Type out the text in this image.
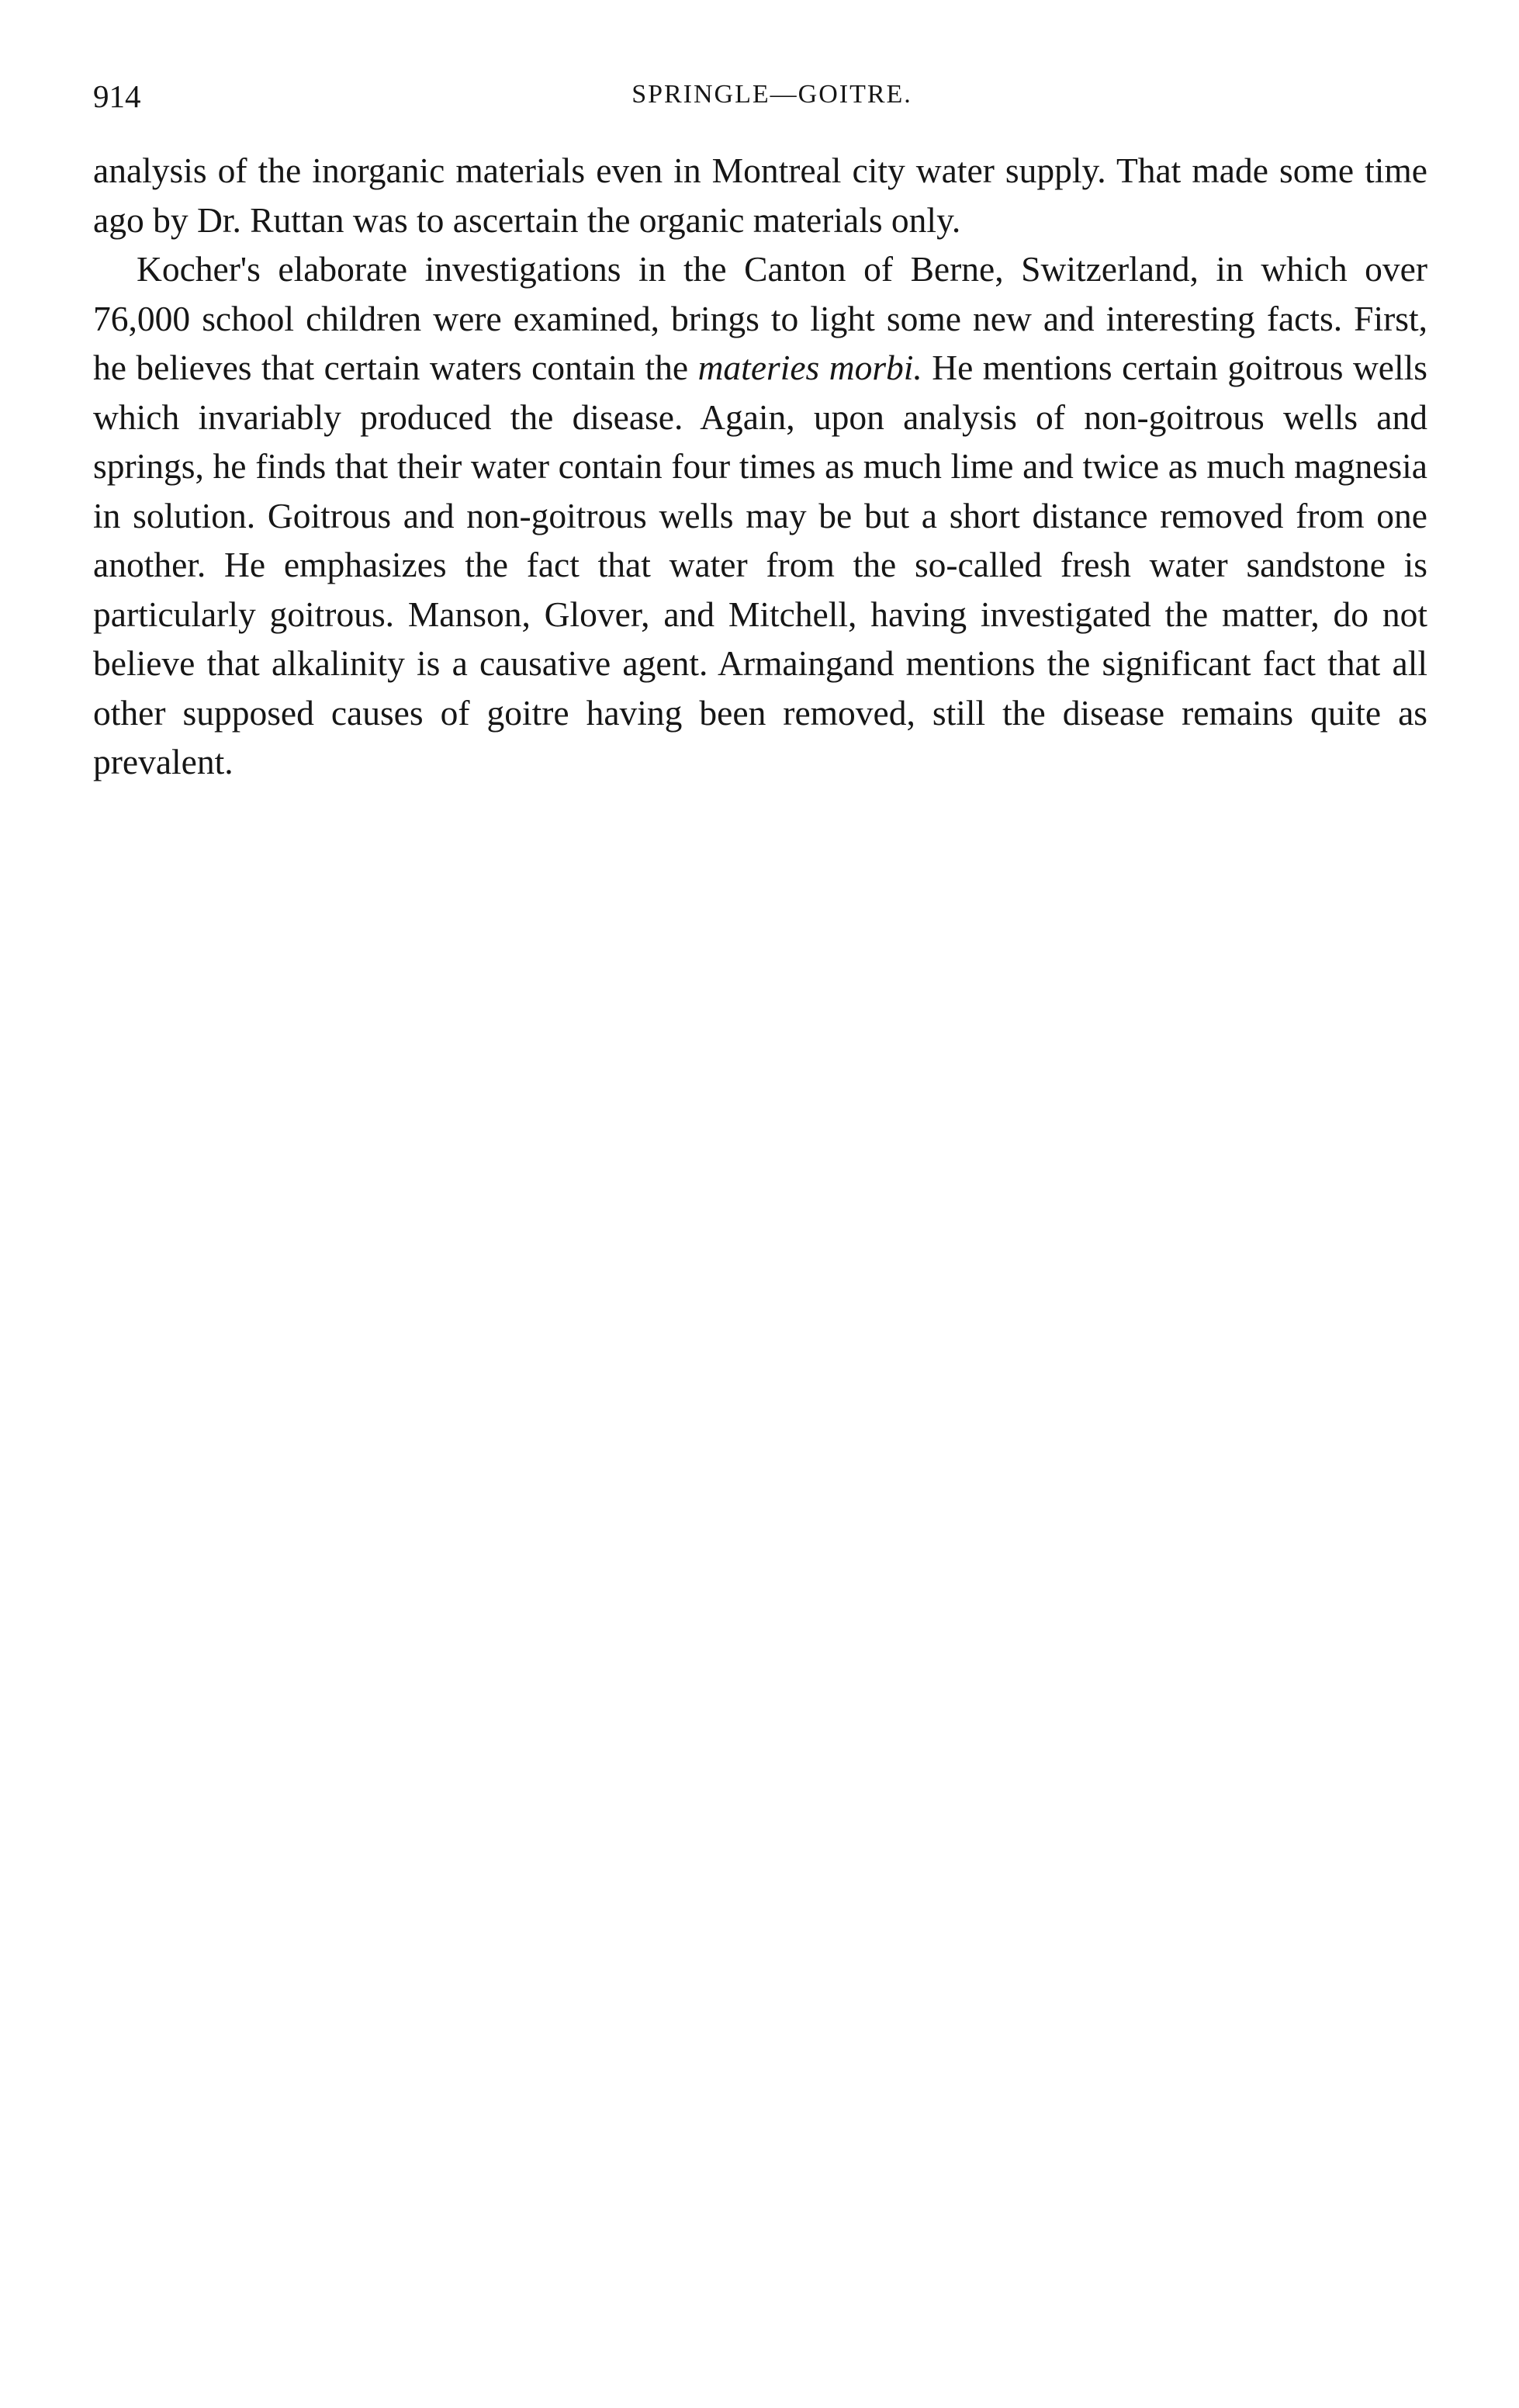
914	SPRINGLE—GOITRE.

analysis of the inorganic materials even in Montreal city water supply. That made some time ago by Dr. Ruttan was to ascertain the organic materials only.

Kocher's elaborate investigations in the Canton of Berne, Switzerland, in which over 76,000 school children were examined, brings to light some new and interesting facts. First, he believes that certain waters contain the materies morbi. He mentions certain goitrous wells which invariably produced the disease. Again, upon analysis of non-goitrous wells and springs, he finds that their water contain four times as much lime and twice as much magnesia in solution. Goitrous and non-goitrous wells may be but a short distance removed from one another. He emphasizes the fact that water from the so-called fresh water sandstone is particularly goitrous. Manson, Glover, and Mitchell, having investigated the matter, do not believe that alkalinity is a causative agent. Armaingand mentions the significant fact that all other supposed causes of goitre having been removed, still the disease remains quite as prevalent.
